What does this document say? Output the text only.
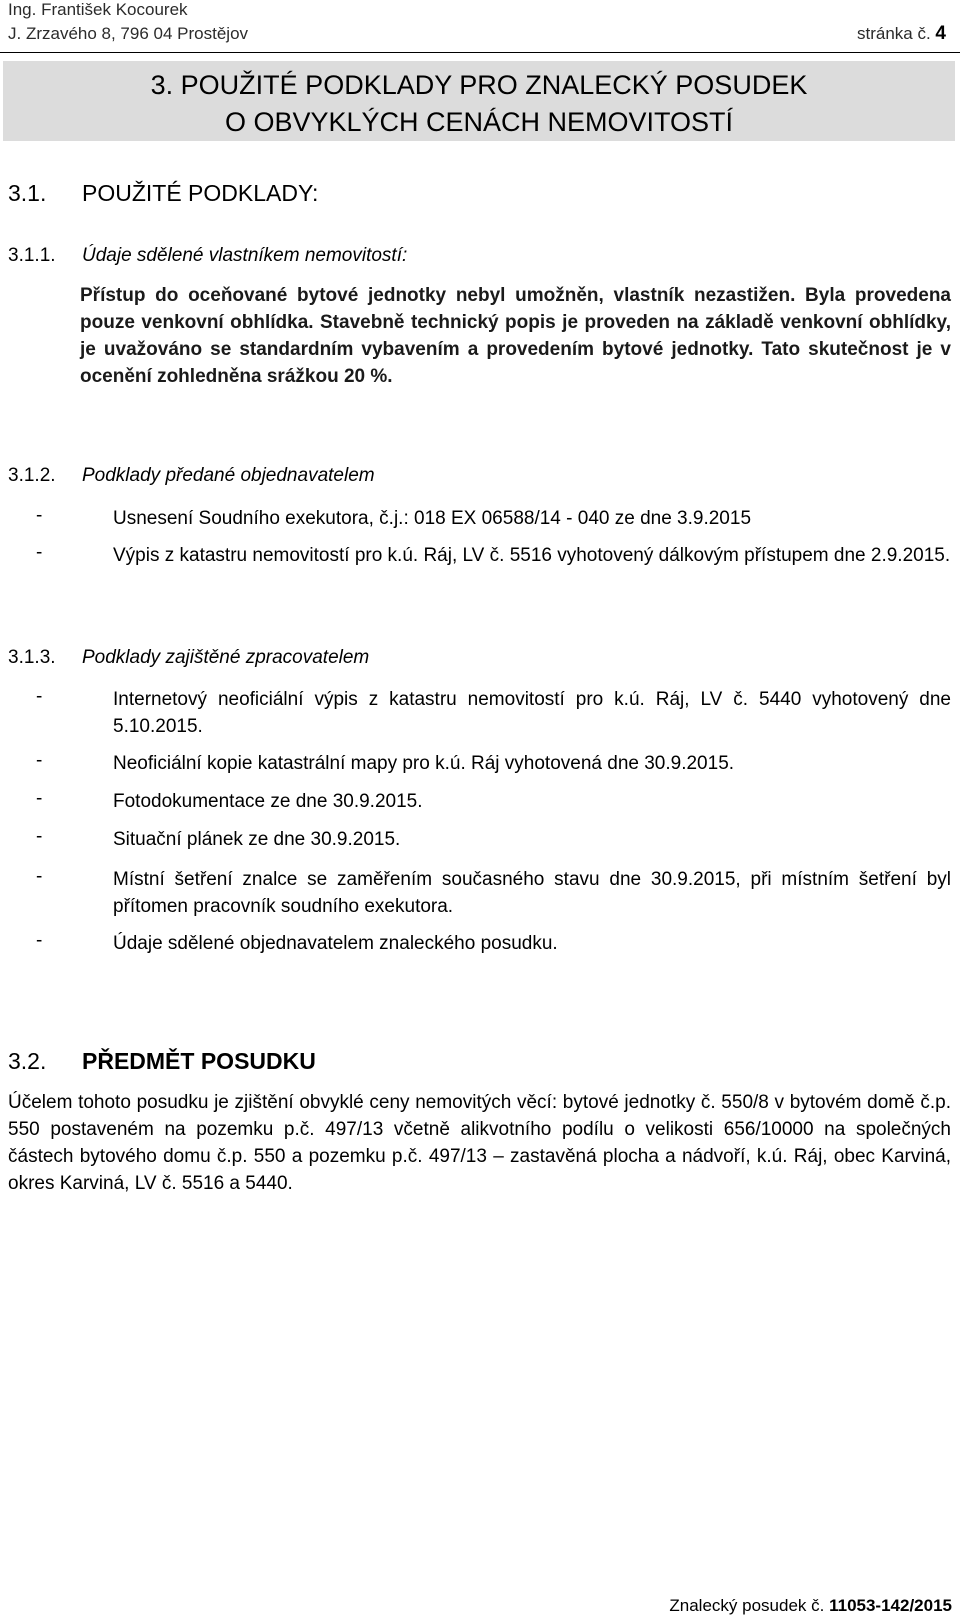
Ing. František Kocourek
J. Zrzavého 8, 796 04 Prostějov	stránka č. 4
3. POUŽITÉ PODKLADY PRO ZNALECKÝ POSUDEK
O OBVYKLÝCH CENÁCH NEMOVITOSTÍ
3.1. POUŽITÉ PODKLADY:
3.1.1. Údaje sdělené vlastníkem nemovitostí:
Přístup do oceňované bytové jednotky nebyl umožněn, vlastník nezastižen. Byla provedena pouze venkovní obhlídka. Stavebně technický popis je proveden na základě venkovní obhlídky, je uvažováno se standardním vybavením a provedením bytové jednotky. Tato skutečnost je v ocenění zohledněna srážkou 20 %.
3.1.2. Podklady předané objednavatelem
-	Usnesení Soudního exekutora, č.j.: 018 EX 06588/14 - 040 ze dne 3.9.2015
-	Výpis z katastru nemovitostí pro k.ú. Ráj, LV č. 5516 vyhotovený dálkovým přístupem dne 2.9.2015.
3.1.3. Podklady zajištěné zpracovatelem
-	Internetový neoficiální výpis z katastru nemovitostí pro k.ú. Ráj, LV č. 5440 vyhotovený dne 5.10.2015.
-	Neoficiální kopie katastrální mapy pro k.ú. Ráj vyhotovená dne 30.9.2015.
-	Fotodokumentace ze dne 30.9.2015.
-	Situační plánek ze dne 30.9.2015.
-	Místní šetření znalce se zaměřením současného stavu dne 30.9.2015, při místním šetření byl přítomen pracovník soudního exekutora.
-	Údaje sdělené objednavatelem znaleckého posudku.
3.2. PŘEDMĚT POSUDKU
Účelem tohoto posudku je zjištění obvyklé ceny nemovitých věcí: bytové jednotky č. 550/8 v bytovém domě č.p. 550 postaveném na pozemku p.č. 497/13 včetně alikvotního podílu o velikosti 656/10000 na společných částech bytového domu č.p. 550 a pozemku p.č. 497/13 – zastavěná plocha a nádvoří, k.ú. Ráj, obec Karviná, okres Karviná, LV č. 5516 a 5440.
Znalecký posudek č. 11053-142/2015
